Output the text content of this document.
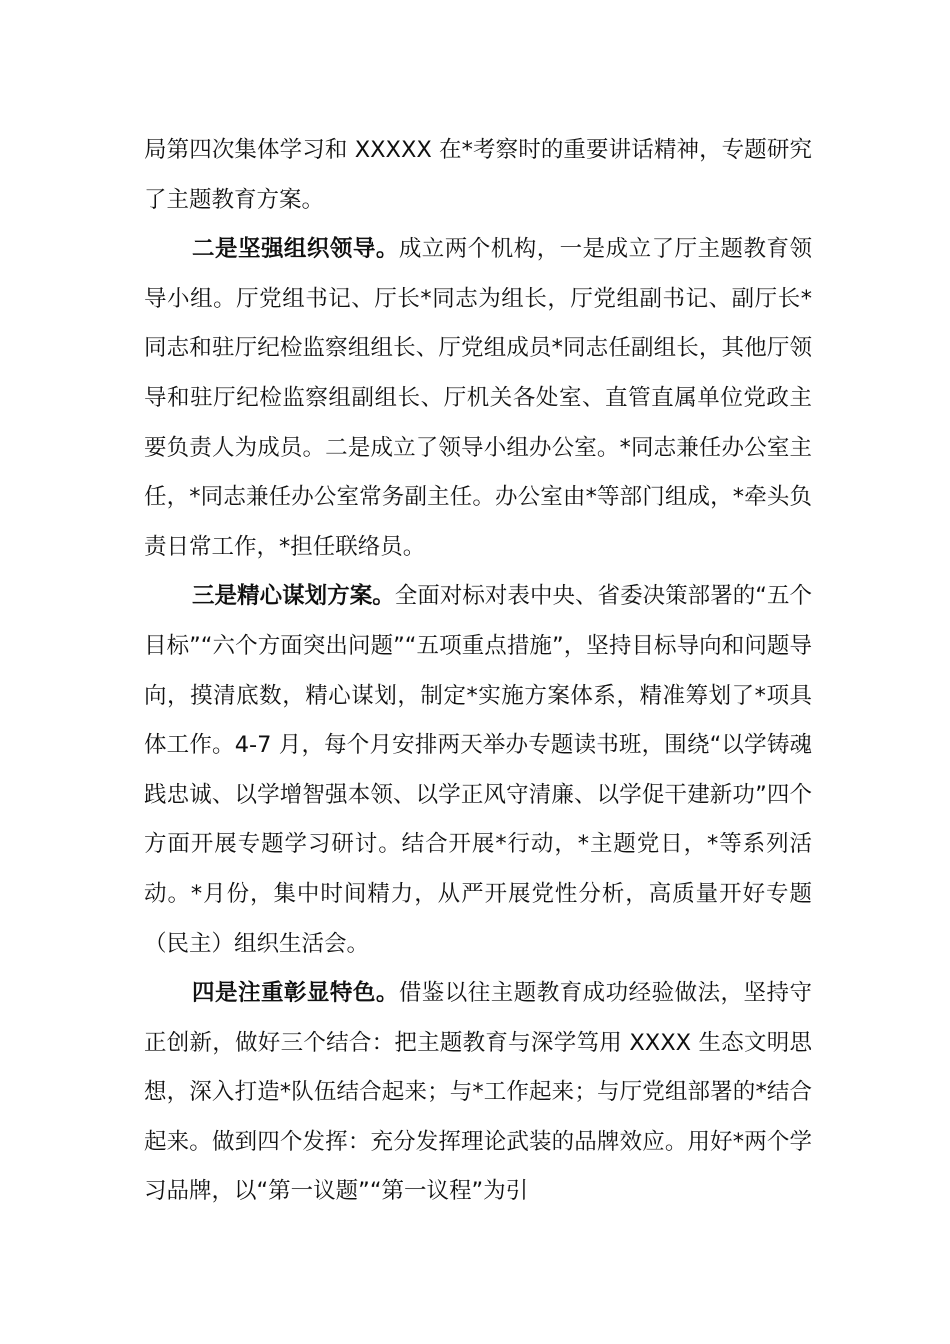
局第四次集体学习和 XXXXX 在*考察时的重要讲话精神，专题研究了主题教育方案。

二是坚强组织领导。成立两个机构，一是成立了厅主题教育领导小组。厅党组书记、厅长*同志为组长，厅党组副书记、副厅长*同志和驻厅纪检监察组组长、厅党组成员*同志任副组长，其他厅领导和驻厅纪检监察组副组长、厅机关各处室、直管直属单位党政主要负责人为成员。二是成立了领导小组办公室。*同志兼任办公室主任，*同志兼任办公室常务副主任。办公室由*等部门组成，*牵头负责日常工作，*担任联络员。

三是精心谋划方案。全面对标对表中央、省委决策部署的“五个目标”“六个方面突出问题”“五项重点措施”，坚持目标导向和问题导向，摸清底数，精心谋划，制定*实施方案体系，精准筹划了*项具体工作。4-7 月，每个月安排两天举办专题读书班，围绕“以学铸魂践忠诚、以学增智强本领、以学正风守清廉、以学促干建新功”四个方面开展专题学习研讨。结合开展*行动，*主题党日，*等系列活动。*月份，集中时间精力，从严开展党性分析，高质量开好专题（民主）组织生活会。

四是注重彰显特色。借鉴以往主题教育成功经验做法，坚持守正创新，做好三个结合：把主题教育与深学笃用 XXXX 生态文明思想，深入打造*队伍结合起来；与*工作起来；与厅党组部署的*结合起来。做到四个发挥：充分发挥理论武装的品牌效应。用好*两个学习品牌，以“第一议题”“第一议程”为引
